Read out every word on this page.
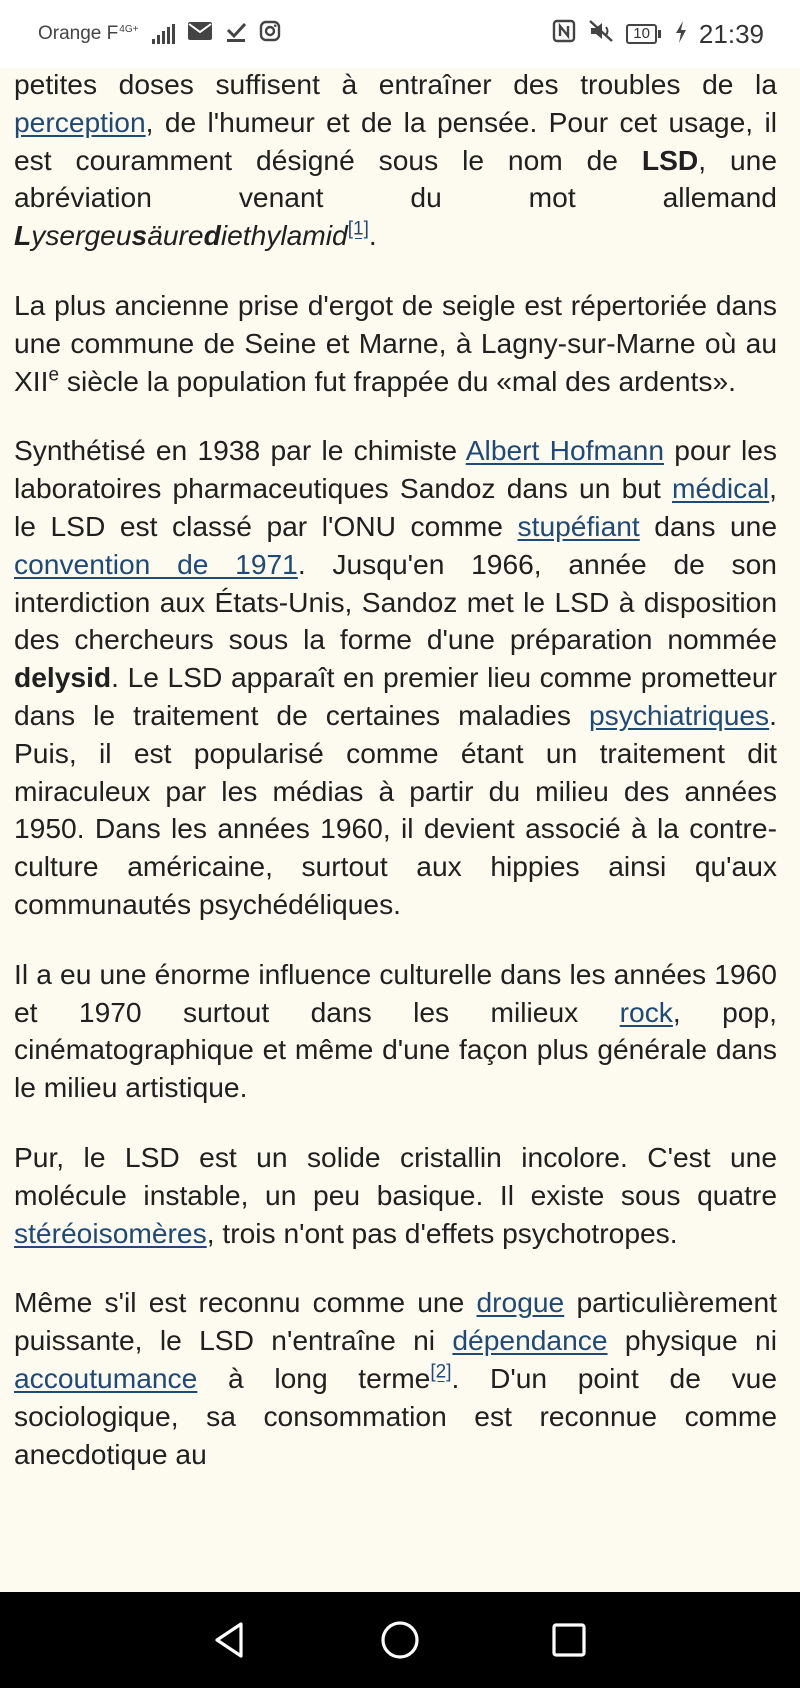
Orange $F^{4G+}$	10 21:39

petites doses suffisent à entraîner des troubles de la perception, de l'humeur et de la pensée. Pour cet usage, il est couramment désigné sous le nom de LSD, une abréviation venant du mot allemand Lysergeusäurediethylamid[1].

La plus ancienne prise d'ergot de seigle est répertoriée dans une commune de Seine et Marne, à Lagny-sur-Marne où au XIIe siècle la population fut frappée du «mal des ardents».

Synthétisé en 1938 par le chimiste Albert Hofmann pour les laboratoires pharmaceutiques Sandoz dans un but médical, le LSD est classé par l'ONU comme stupéfiant dans une convention de 1971. Jusqu'en 1966, année de son interdiction aux États-Unis, Sandoz met le LSD à disposition des chercheurs sous la forme d'une préparation nommée delysid. Le LSD apparaît en premier lieu comme prometteur dans le traitement de certaines maladies psychiatriques. Puis, il est popularisé comme étant un traitement dit miraculeux par les médias à partir du milieu des années 1950. Dans les années 1960, il devient associé à la contre-culture américaine, surtout aux hippies ainsi qu'aux communautés psychédéliques.

Il a eu une énorme influence culturelle dans les années 1960 et 1970 surtout dans les milieux rock, pop, cinématographique et même d'une façon plus générale dans le milieu artistique.

Pur, le LSD est un solide cristallin incolore. C'est une molécule instable, un peu basique. Il existe sous quatre stéréoisomères, trois n'ont pas d'effets psychotropes.

Même s'il est reconnu comme une drogue particulièrement puissante, le LSD n'entraîne ni dépendance physique ni accoutumance à long terme[2]. D'un point de vue sociologique, sa consommation est reconnue comme anecdotique au
